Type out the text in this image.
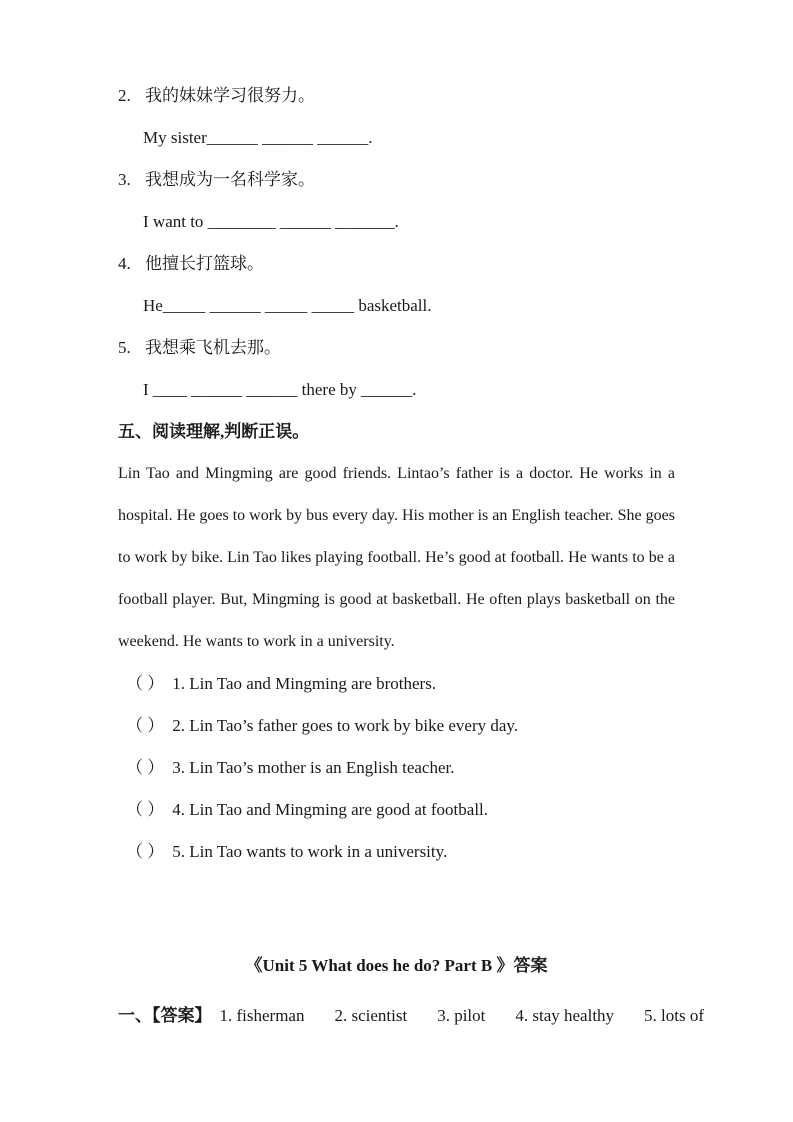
2. 我的妹妹学习很努力。
My sister______ ______ ______.
3. 我想成为一名科学家。
I want to ________ ______ _______.
4. 他擅长打篮球。
He_____ ______ _____ _____ basketball.
5. 我想乘飞机去那。
I ____ ______ ______ there by ______.
五、阅读理解,判断正误。

Lin Tao and Mingming are good friends. Lintao’s father is a doctor. He works in a hospital. He goes to work by bus every day. His mother is an English teacher. She goes to work by bike. Lin Tao likes playing football. He’s good at football. He wants to be a football player. But, Mingming is good at basketball. He often plays basketball on the weekend. He wants to work in a university.

（ ） 1. Lin Tao and Mingming are brothers.
（ ） 2. Lin Tao’s father goes to work by bike every day.
（ ） 3. Lin Tao’s mother is an English teacher.
（ ） 4. Lin Tao and Mingming are good at football.
（ ） 5. Lin Tao wants to work in a university.
《Unit 5 What does he do? Part B 》答案
一、【答案】 1. fisherman 2. scientist 3. pilot 4. stay healthy 5. lots of
